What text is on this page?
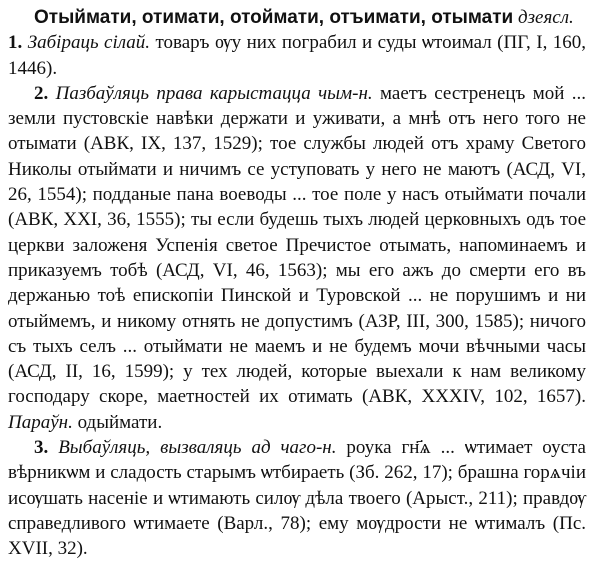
Отыймати, отимати, отоймати, отъимати, отымати дзеясл.

1. Забіраць сілай. товаръ ѹу них пограбил и суды ѡтоимал (ПГ, I, 160, 1446).

2. Пазбаўляць права карыстацца чым-н. маетъ сестренецъ мой ... земли пустовскіе навѣки держати и уживати, а мнѣ отъ него того не отымати (АВК, IX, 137, 1529); тое службы людей отъ храму Светого Николы отыймати и ничимъ се уступовать у него не маютъ (АСД, VI, 26, 1554); подданые пана воеводы ... тое поле у насъ отыймати почали (АВК, XXI, 36, 1555); ты если будешь тыхъ людей церковныхъ одъ тое церкви заложеня Успенія светое Пречистое отымать, напоминаемъ и приказуемъ тобѣ (АСД, VI, 46, 1563); мы его ажъ до смерти его въ держанью тоѣ епископіи Пинской и Туровской ... не порушимъ и ни отыймемъ, и никому отнять не допустимъ (АЗР, III, 300, 1585); ничого съ тыхъ селъ ... отыймати не маемъ и не будемъ мочи вѣчными часы (АСД, II, 16, 1599); у тех людей, которые выехали к нам великому господару скоре, маетностей их отимать (АВК, XXXIV, 102, 1657). Параўн. одыймати.

3. Выбаўляць, вызваляць ад чаго-н. роука гн҃ѧ ... ѡтимает оуста вѣрникѡм и сладость старымъ ѡтбираеть (Зб. 262, 17); брашна горѧчіи исѹшать насеніе и ѡтимають силѹ дѣла твоего (Арыст., 211); правдѹ справедливого ѡтимаете (Варл., 78); ему мѹдрости не ѡтималъ (Пс. XVII, 32).
